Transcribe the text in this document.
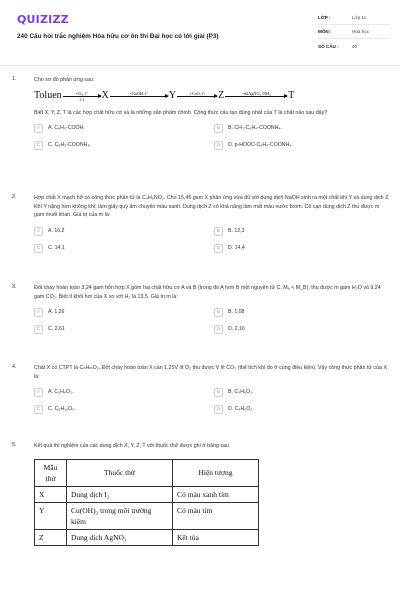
QUIZIZZ
240 Câu hỏi trắc nghiệm Hóa hữu cơ ôn thi Đại học có lời giải (P3)
LỚP :	Lớp 11
MÔN :	Hóa học
SỐ CÂU :	40
1.	Cho sơ đồ phản ứng sau:
Toluen	+Cl₂, t°
1:1 X	+NaOH, t°
Y	+CuO, t°
Z	+ddAgNO₃ /NH₃
T
Biết X, Y, Z, T là các hợp chất hữu cơ và là những sản phẩm chính. Công thức cấu tạo đúng nhất của T là chất nào sau đây?
A	A. C₆H₅-COOH.	B	B. CH₃-C₆H₄-COONH₄.
C	C. C₆H₅-COONH₄.	D	D. p-HOOC-C₆H₄-COONH₄.
2.	Hợp chất X mạch hở có công thức phân tử là C₄H₉NO₂. Cho 15,45 gam X phản ứng vừa đủ với dung dịch NaOH sinh ra một chất khí Y và dung dịch Z. Khí Y nặng hơn không khí, làm giấy quỳ ẩm chuyển màu xanh. Dung dịch Z có khả năng làm mất màu nước brom. Cô cạn dung dịch Z thu được m gam muối khan. Giá trị của m là:
A	A. 16,2	B	B. 12,3
C	C. 14,1	D	D. 14,4
3.	Đốt cháy hoàn toàn 3,24 gam hỗn hợp X gồm hai chất hữu cơ A và B (trong đó A hơn B một nguyên tử C, Mₐ < M_B), thu được m gam H₂O và 9,24 gam CO₂. Biết tỉ khối hơi của X so với H₂ là 13,5. Giá trị m là:
A	A. 1,26	B	B. 1,08
C	C. 2,61	D	D. 2,16
4.	Chất X có CTPT là CₙHₘO₂. Đốt cháy hoàn toàn X cần 1,25V lít O₂ thu được V lít CO₂ (thể tích khí đo ở cùng điều kiện). Vậy công thức phân tử của X là:
A	A. C₂H₄O₂.	B	B. C₃H₆O₂.
C	C. C₅H₁₀O₂.	D	D. C₄H₈O₂.
5.	Kết quả thí nghiệm của các dung dịch X, Y, Z, T với thuốc thử được ghi ở bảng sau
Mẫu thử	Thuốc thử	Hiện tượng
X	Dung dịch I₂	Có màu xanh tím
Y	Cu(OH)₂ trong môi trường kiềm	Có màu tím
Z	Dung dịch AgNO₃	Kết tủa
